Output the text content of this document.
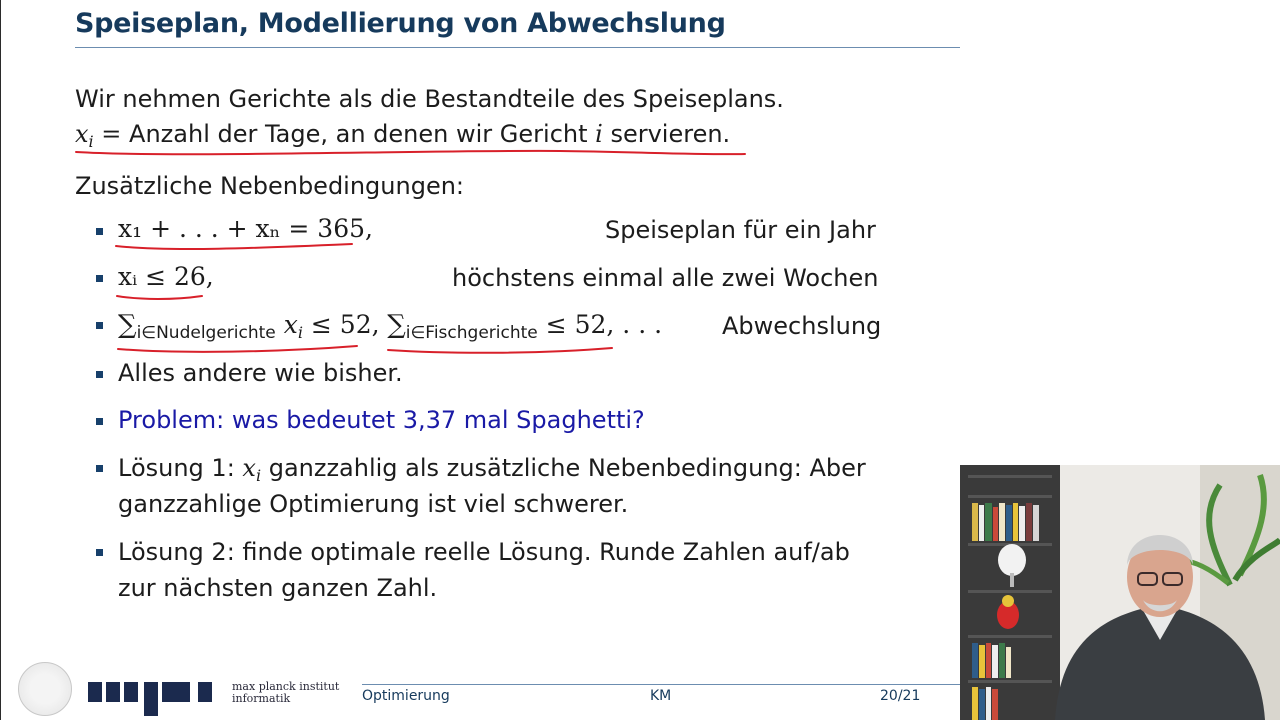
Speiseplan, Modellierung von Abwechslung
Wir nehmen Gerichte als die Bestandteile des Speiseplans.
$x_i$ = Anzahl der Tage, an denen wir Gericht i servieren.
Zusätzliche Nebenbedingungen:
x₁ + . . . + xₙ = 365,	Speiseplan für ein Jahr
xᵢ ≤ 26,	höchstens einmal alle zwei Wochen
$\sum_{i\in Nudelgerichte}$ $x_i \le 52$, $\sum_{i\in Fischgerichte} \le 52$, . . . Abwechslung
Alles andere wie bisher.
Problem: was bedeutet 3,37 mal Spaghetti?
Lösung 1: $x_i$ ganzzahlig als zusätzliche Nebenbedingung: Aber
ganzzahlige Optimierung ist viel schwerer.
Lösung 2: finde optimale reelle Lösung. Runde Zahlen auf/ab
zur nächsten ganzen Zahl.
max planck institut
informatik	Optimierung	KM	20/21
